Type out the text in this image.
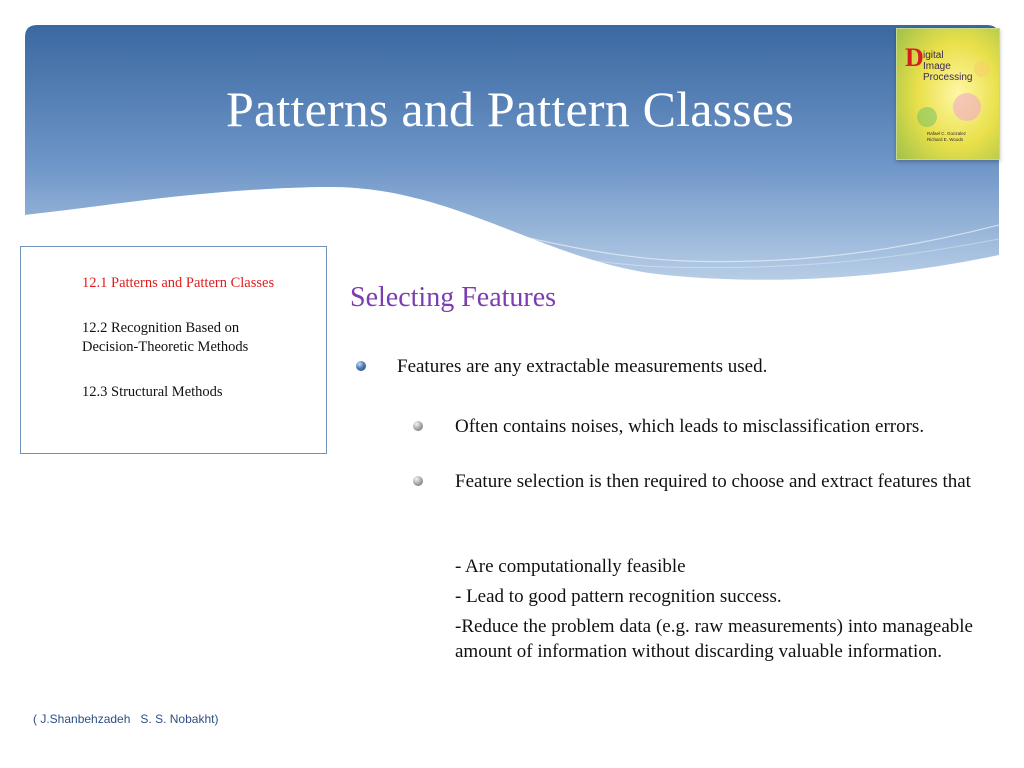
Patterns and Pattern Classes
D igital
Image
Processing
Rafael C. Gonzalez
Richard E. Woods
12.1 Patterns and Pattern Classes
12.2 Recognition Based on
Decision-Theoretic Methods
12.3 Structural Methods
Selecting Features
Features are any extractable measurements used.
Often contains noises, which leads to misclassification errors.
Feature selection is then required to choose and extract features that
- Are computationally feasible
- Lead to good pattern recognition success.
-Reduce the problem data (e.g. raw measurements) into manageable amount of information without discarding valuable information.
( J.Shanbehzadeh   S. S. Nobakht)
